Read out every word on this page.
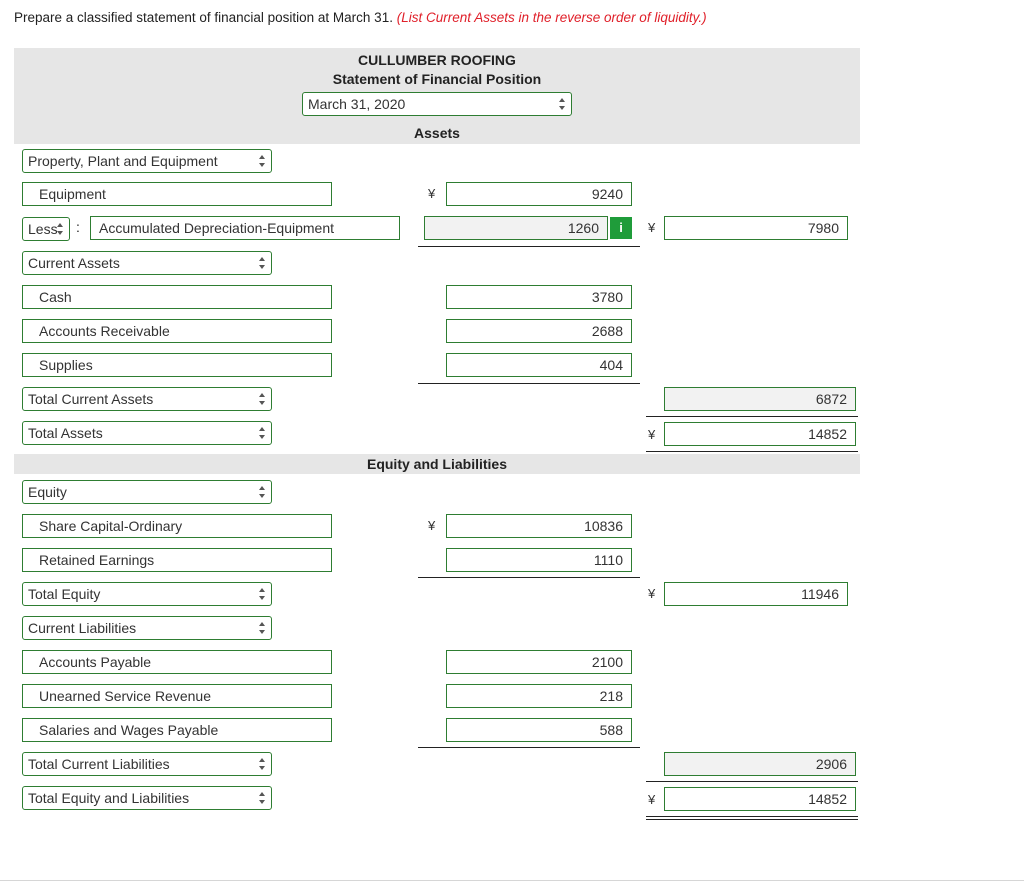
Prepare a classified statement of financial position at March 31. (List Current Assets in the reverse order of liquidity.)
CULLUMBER ROOFING
Statement of Financial Position
March 31, 2020
Assets
Property, Plant and Equipment
Equipment	¥	9240
Less	:	Accumulated Depreciation-Equipment	1260	i	¥	7980
Current Assets
Cash	3780
Accounts Receivable	2688
Supplies	404
Total Current Assets	6872
Total Assets	¥	14852
Equity and Liabilities
Equity
Share Capital-Ordinary	¥	10836
Retained Earnings	1110
Total Equity	¥	11946
Current Liabilities
Accounts Payable	2100
Unearned Service Revenue	218
Salaries and Wages Payable	588
Total Current Liabilities	2906
Total Equity and Liabilities	¥	14852
